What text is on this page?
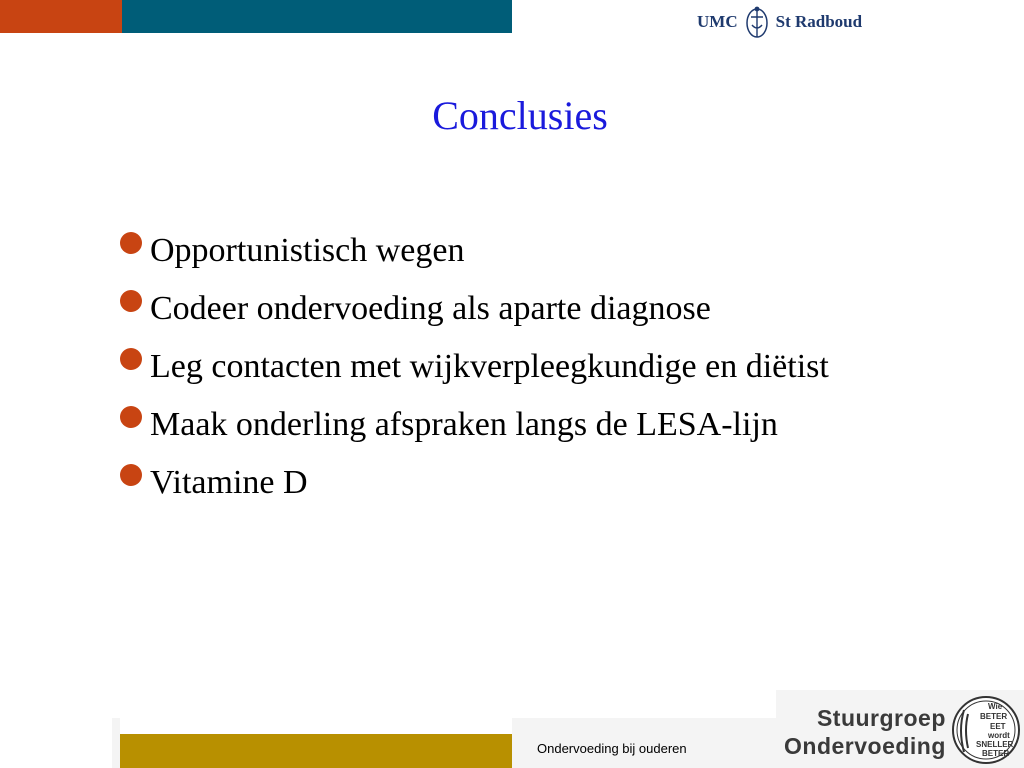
UMC St Radboud
Conclusies
Opportunistisch wegen
Codeer ondervoeding als aparte diagnose
Leg contacten met wijkverpleegkundige en diëtist
Maak onderling afspraken langs de LESA-lijn
Vitamine D
Ondervoeding bij ouderen
Stuurgroep
Ondervoeding
Wie
BETER
EET
wordt
SNELLER
BETER
